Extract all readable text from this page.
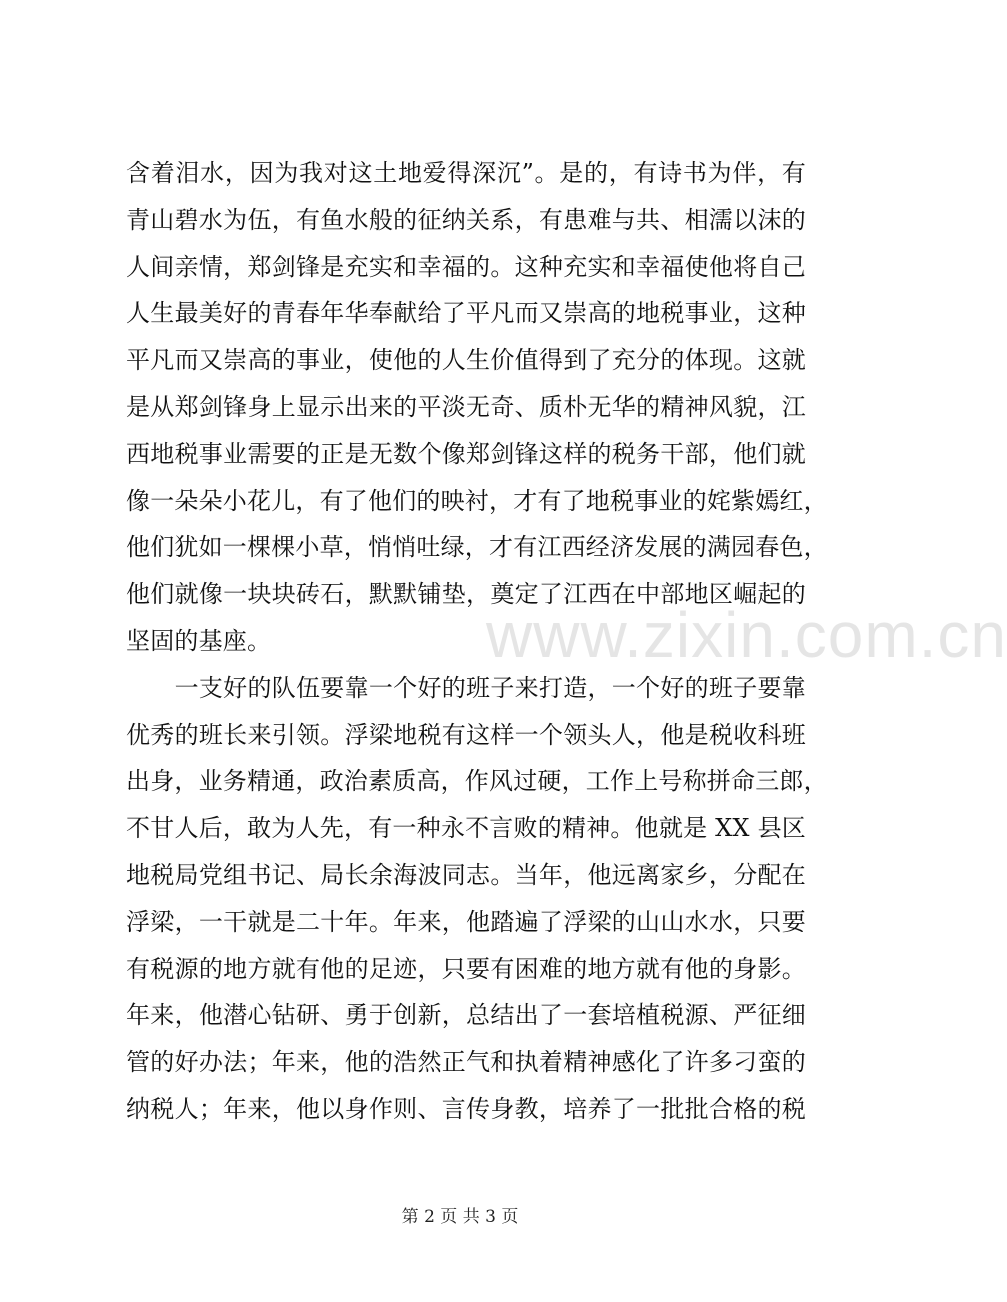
含着泪水，因为我对这土地爱得深沉”。是的，有诗书为伴，有
青山碧水为伍，有鱼水般的征纳关系，有患难与共、相濡以沫的
人间亲情，郑剑锋是充实和幸福的。这种充实和幸福使他将自己
人生最美好的青春年华奉献给了平凡而又崇高的地税事业，这种
平凡而又崇高的事业，使他的人生价值得到了充分的体现。这就
是从郑剑锋身上显示出来的平淡无奇、质朴无华的精神风貌，江
西地税事业需要的正是无数个像郑剑锋这样的税务干部，他们就
像一朵朵小花儿，有了他们的映衬，才有了地税事业的姹紫嫣红，
他们犹如一棵棵小草，悄悄吐绿，才有江西经济发展的满园春色，
他们就像一块块砖石，默默铺垫，奠定了江西在中部地区崛起的
坚固的基座。
　　一支好的队伍要靠一个好的班子来打造，一个好的班子要靠
优秀的班长来引领。浮梁地税有这样一个领头人，他是税收科班
出身，业务精通，政治素质高，作风过硬，工作上号称拼命三郎，
不甘人后，敢为人先，有一种永不言败的精神。他就是 XX 县区
地税局党组书记、局长余海波同志。当年，他远离家乡，分配在
浮梁，一干就是二十年。年来，他踏遍了浮梁的山山水水，只要
有税源的地方就有他的足迹，只要有困难的地方就有他的身影。
年来，他潜心钻研、勇于创新，总结出了一套培植税源、严征细
管的好办法；年来，他的浩然正气和执着精神感化了许多刁蛮的
纳税人；年来，他以身作则、言传身教，培养了一批批合格的税
www.zixin.com.cn
第 2 页 共 3 页
